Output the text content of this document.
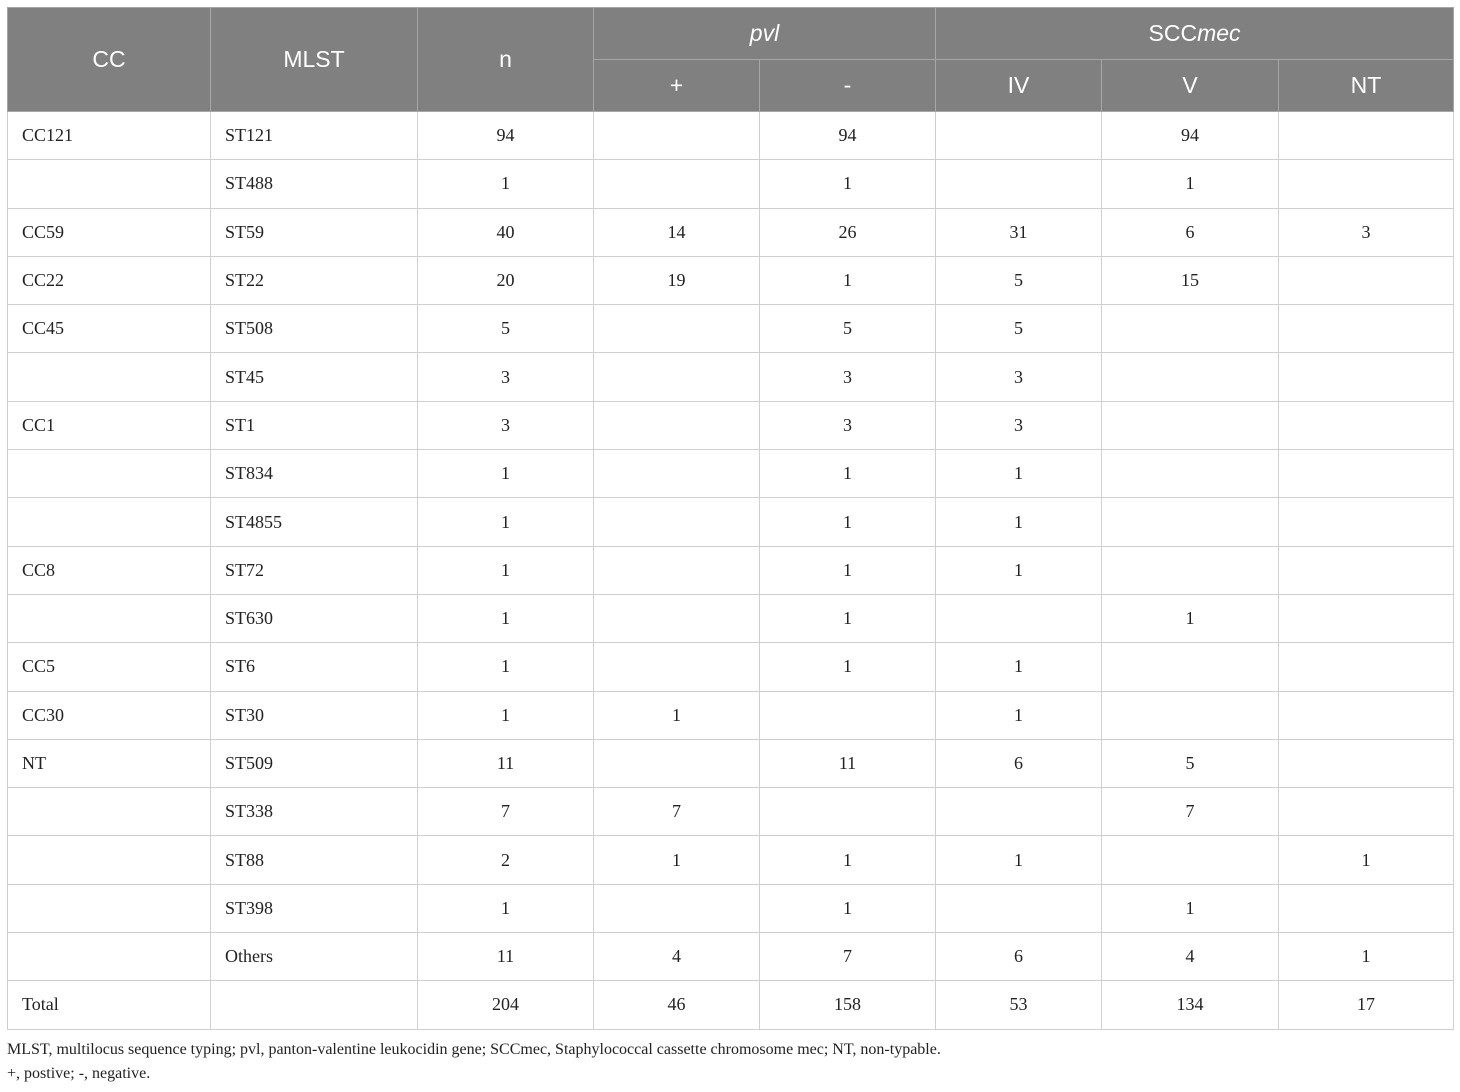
CC	MLST	n	pvl		SCCmec		
			+	-	IV	V	NT
CC121	ST121	94		94		94	
	ST488	1		1		1	
CC59	ST59	40	14	26	31	6	3
CC22	ST22	20	19	1	5	15	
CC45	ST508	5		5	5		
	ST45	3		3	3		
CC1	ST1	3		3	3		
	ST834	1		1	1		
	ST4855	1		1	1		
CC8	ST72	1		1	1		
	ST630	1		1		1	
CC5	ST6	1		1	1		
CC30	ST30	1	1		1		
NT	ST509	11		11	6	5	
	ST338	7	7			7	
	ST88	2	1	1	1		1
	ST398	1		1		1	
	Others	11	4	7	6	4	1
Total		204	46	158	53	134	17
MLST, multilocus sequence typing; pvl, panton-valentine leukocidin gene; SCCmec, Staphylococcal cassette chromosome mec; NT, non-typable.
+, postive; -, negative.
